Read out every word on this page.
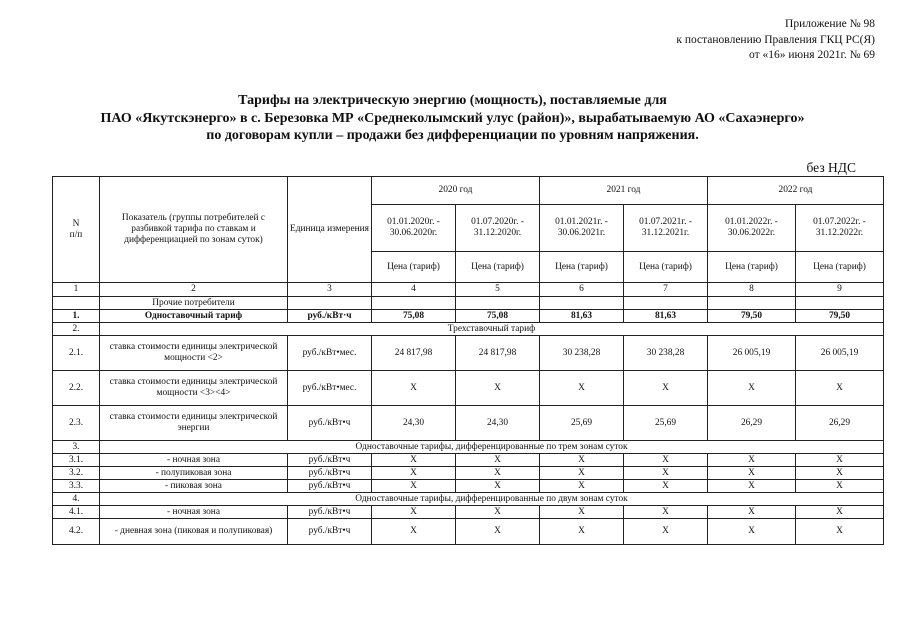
Приложение № 98
к постановлению Правления ГКЦ РС(Я)
от «16» июня 2021г. № 69
Тарифы на электрическую энергию (мощность), поставляемые для
ПАО «Якутскэнерго» в с. Березовка МР «Среднеколымский улус (район)», вырабатываемую АО «Сахаэнерго»
по договорам купли – продажи без дифференциации по уровням напряжения.
без НДС
N
п/п	Показатель (группы потребителей с разбивкой тарифа по ставкам и дифференциацией по зонам суток)	Единица измерения	2020 год		2021 год		2022 год	
			01.01.2020г. - 30.06.2020г.	01.07.2020г. - 31.12.2020г.	01.01.2021г. - 30.06.2021г.	01.07.2021г. - 31.12.2021г.	01.01.2022г. - 30.06.2022г.	01.07.2022г. - 31.12.2022г.
			Цена (тариф)	Цена (тариф)	Цена (тариф)	Цена (тариф)	Цена (тариф)	Цена (тариф)
1	2	3	4	5	6	7	8	9
	Прочие потребители							
1.	Одноставочный тариф	руб./кВт·ч	75,08	75,08	81,63	81,63	79,50	79,50
2.	Трехставочный тариф							
2.1.	ставка стоимости единицы электрической мощности <2>	руб./кВт•мес.	24 817,98	24 817,98	30 238,28	30 238,28	26 005,19	26 005,19
2.2.	ставка стоимости единицы электрической мощности <3><4>	руб./кВт•мес.	Х	Х	Х	Х	Х	Х
2.3.	ставка стоимости единицы электрической энергии	руб./кВт•ч	24,30	24,30	25,69	25,69	26,29	26,29
3.	Одноставочные тарифы, дифференцированные по трем зонам суток							
3.1.	- ночная зона	руб./кВт•ч	Х	Х	Х	Х	Х	Х
3.2.	- полупиковая зона	руб./кВт•ч	Х	Х	Х	Х	Х	Х
3.3.	- пиковая зона	руб./кВт•ч	Х	Х	Х	Х	Х	Х
4.	Одноставочные тарифы, дифференцированные по двум зонам суток							
4.1.	- ночная зона	руб./кВт•ч	Х	Х	Х	Х	Х	Х
4.2.	- дневная зона (пиковая и полупиковая)	руб./кВт•ч	Х	Х	Х	Х	Х	Х
